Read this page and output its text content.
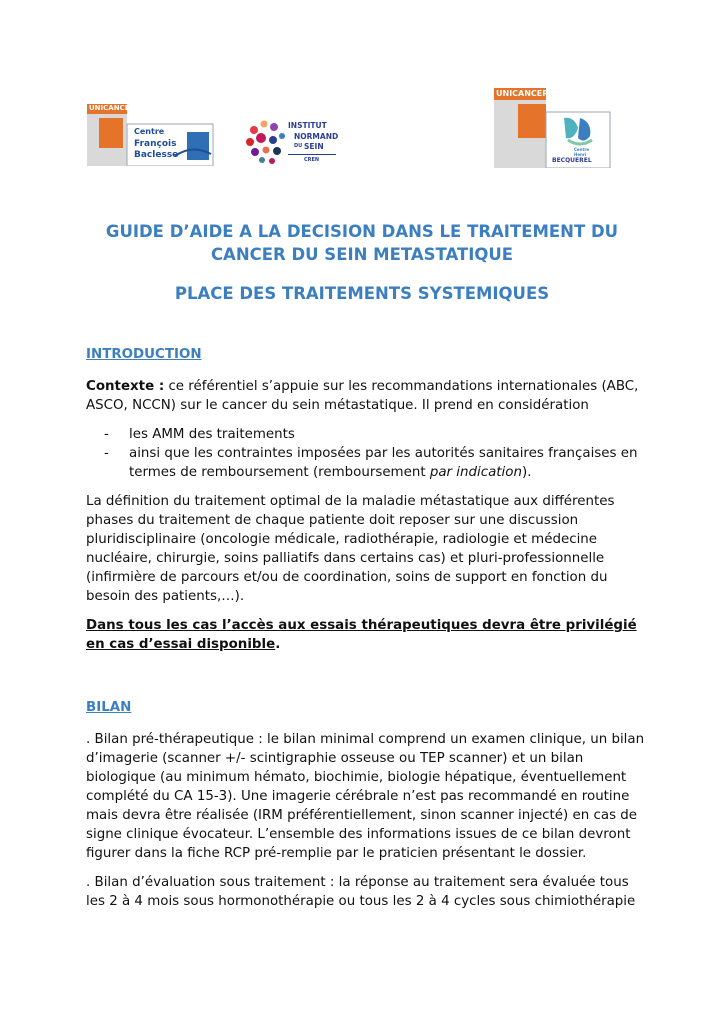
UNICANCER
Centre
François
Baclesse
INSTITUT
NORMAND
DU SEIN
CREN
UNICANCER
Centre
Henri
BECQUEREL
GUIDE D’AIDE A LA DECISION DANS LE TRAITEMENT DU
CANCER DU SEIN METASTATIQUE
PLACE DES TRAITEMENTS SYSTEMIQUES
INTRODUCTION

Contexte : ce référentiel s’appuie sur les recommandations internationales (ABC, ASCO, NCCN) sur le cancer du sein métastatique. Il prend en considération

- les AMM des traitements
- ainsi que les contraintes imposées par les autorités sanitaires françaises en termes de remboursement (remboursement par indication).

La définition du traitement optimal de la maladie métastatique aux différentes phases du traitement de chaque patiente doit reposer sur une discussion pluridisciplinaire (oncologie médicale, radiothérapie, radiologie et médecine nucléaire, chirurgie, soins palliatifs dans certains cas) et pluri-professionnelle (infirmière de parcours et/ou de coordination, soins de support en fonction du besoin des patients,…).

Dans tous les cas l’accès aux essais thérapeutiques devra être privilégié en cas d’essai disponible.

BILAN

. Bilan pré-thérapeutique : le bilan minimal comprend un examen clinique, un bilan d’imagerie (scanner +/- scintigraphie osseuse ou TEP scanner) et un bilan biologique (au minimum hémato, biochimie, biologie hépatique, éventuellement complété du CA 15-3). Une imagerie cérébrale n’est pas recommandé en routine mais devra être réalisée (IRM préférentiellement, sinon scanner injecté) en cas de signe clinique évocateur. L’ensemble des informations issues de ce bilan devront figurer dans la fiche RCP pré-remplie par le praticien présentant le dossier.

. Bilan d’évaluation sous traitement : la réponse au traitement sera évaluée tous les 2 à 4 mois sous hormonothérapie ou tous les 2 à 4 cycles sous chimiothérapie
